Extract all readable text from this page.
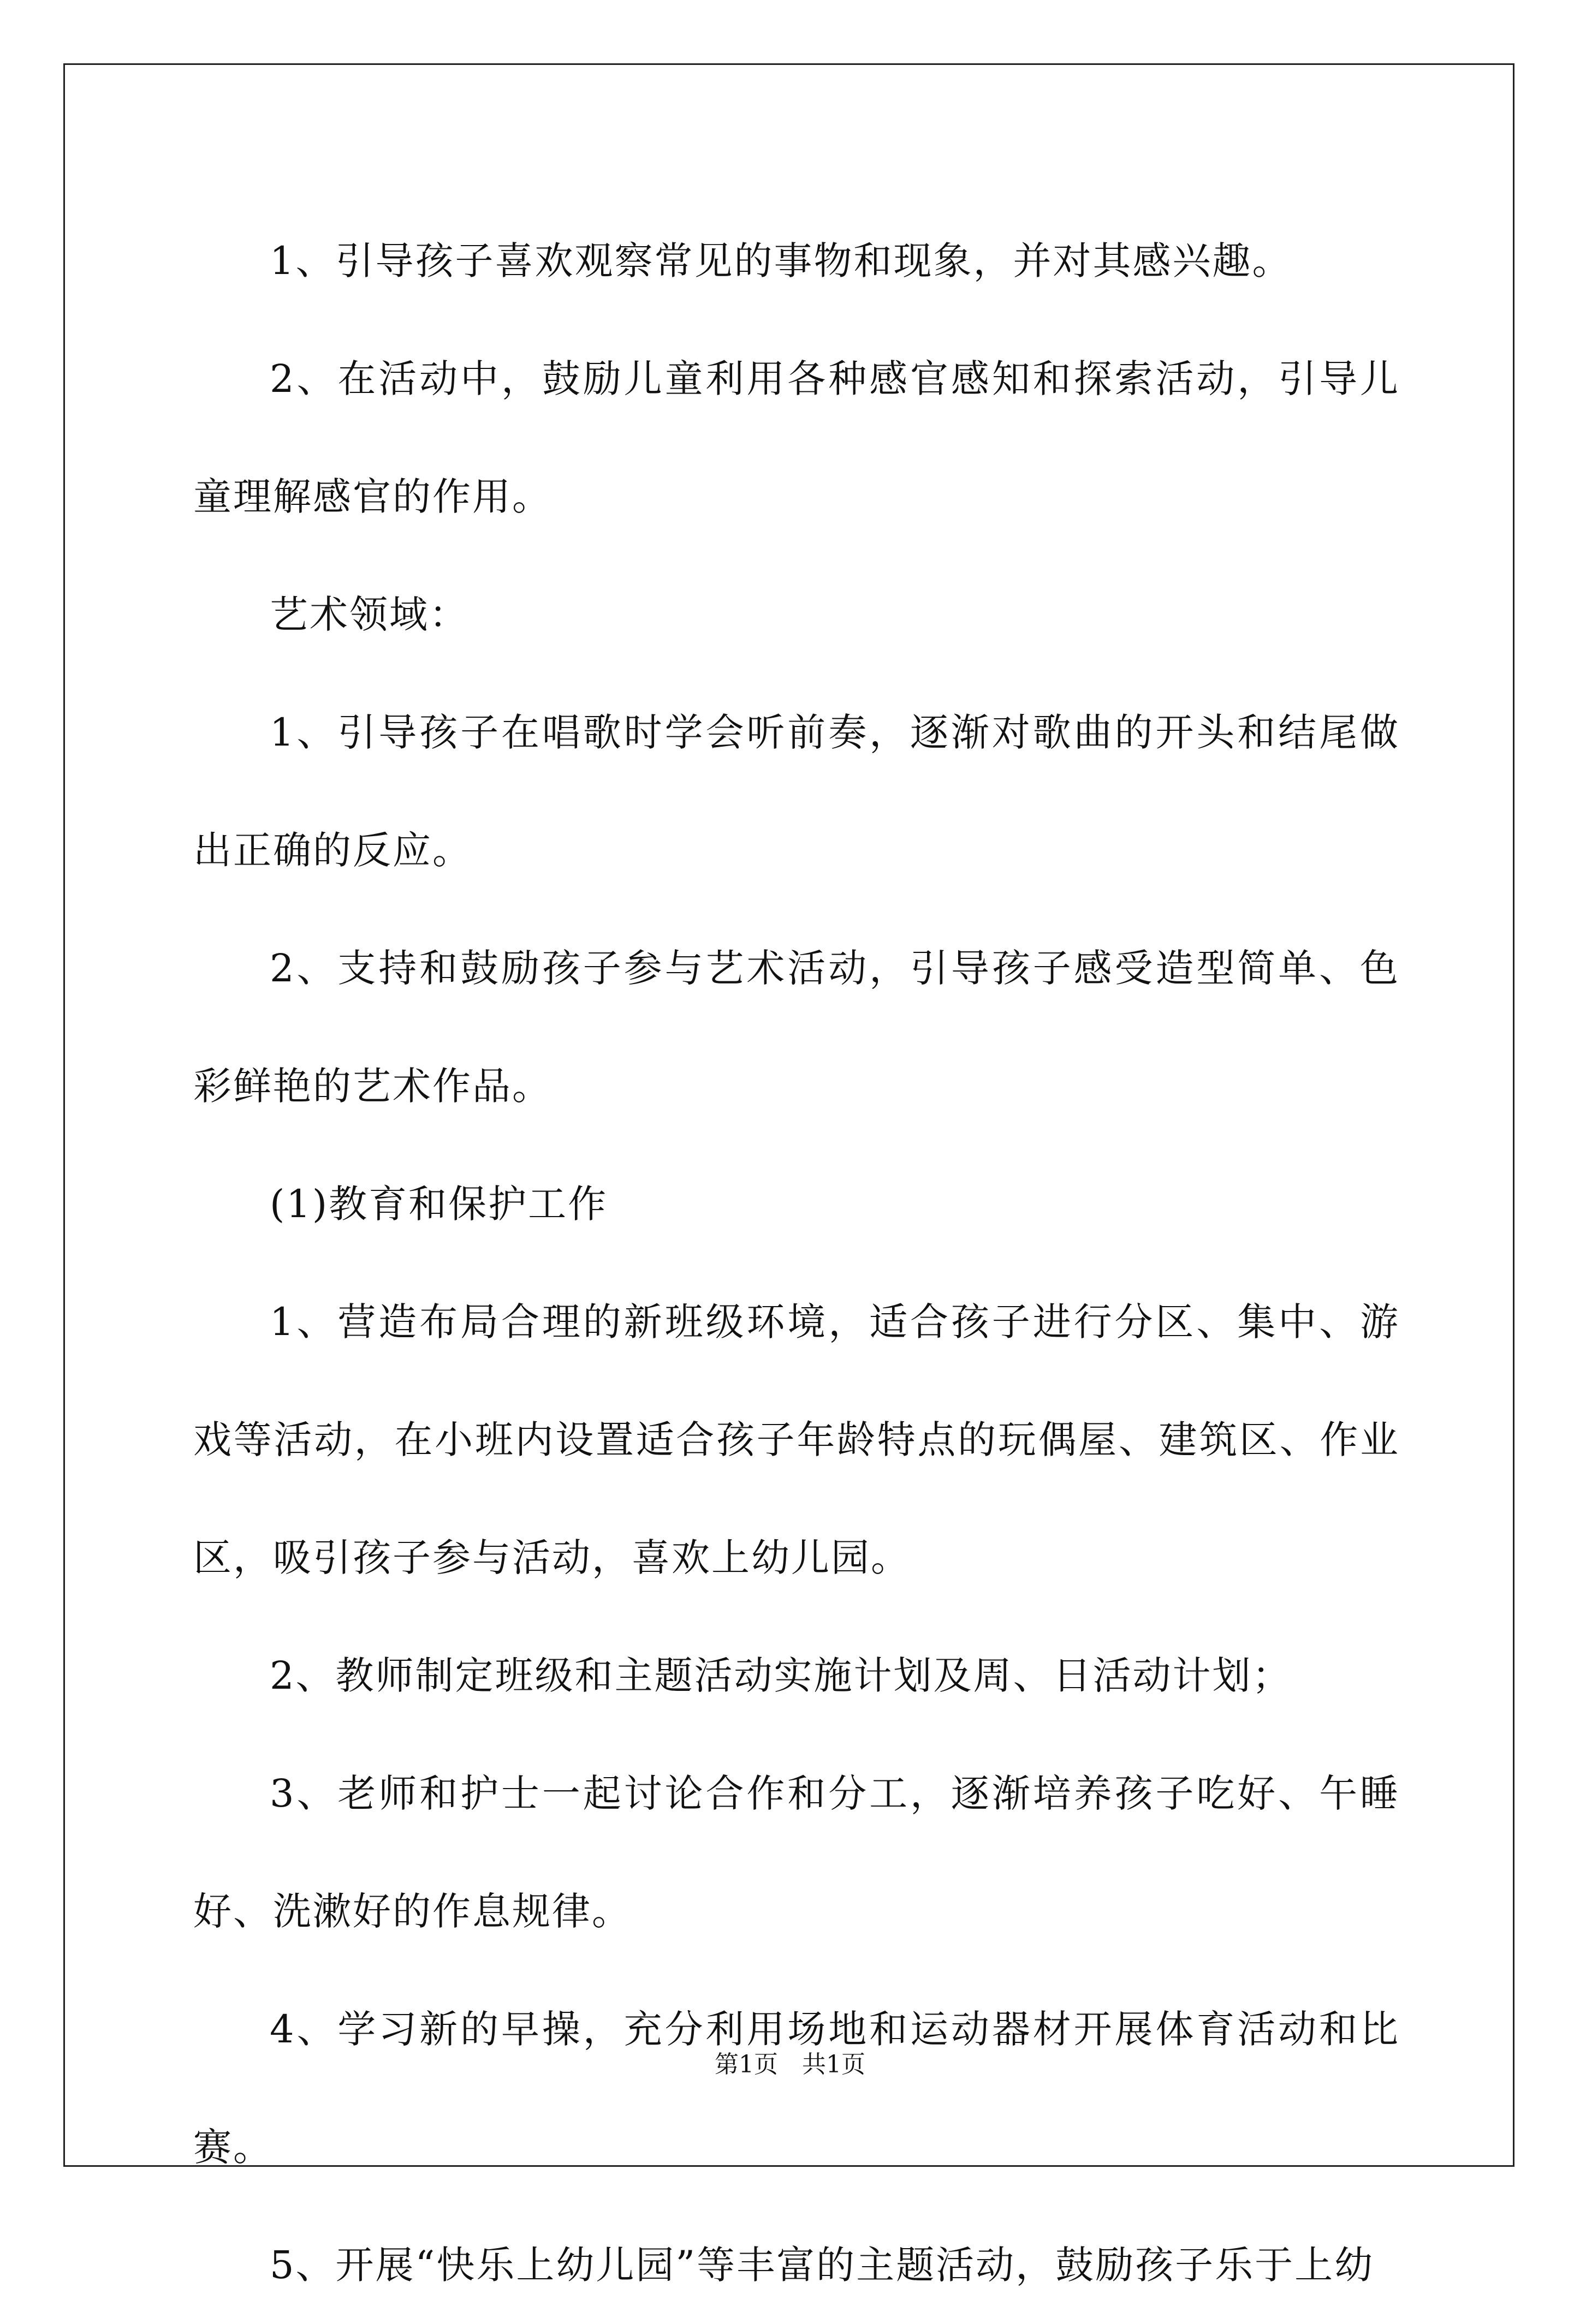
1、引导孩子喜欢观察常见的事物和现象，并对其感兴趣。

2、在活动中，鼓励儿童利用各种感官感知和探索活动，引导儿童理解感官的作用。

艺术领域：

1、引导孩子在唱歌时学会听前奏，逐渐对歌曲的开头和结尾做出正确的反应。

2、支持和鼓励孩子参与艺术活动，引导孩子感受造型简单、色彩鲜艳的艺术作品。

(1)教育和保护工作

1、营造布局合理的新班级环境，适合孩子进行分区、集中、游戏等活动，在小班内设置适合孩子年龄特点的玩偶屋、建筑区、作业区，吸引孩子参与活动，喜欢上幼儿园。

2、教师制定班级和主题活动实施计划及周、日活动计划；

3、老师和护士一起讨论合作和分工，逐渐培养孩子吃好、午睡好、洗漱好的作息规律。

4、学习新的早操，充分利用场地和运动器材开展体育活动和比赛。

5、开展“快乐上幼儿园”等丰富的主题活动，鼓励孩子乐于上幼

第1页　共1页
